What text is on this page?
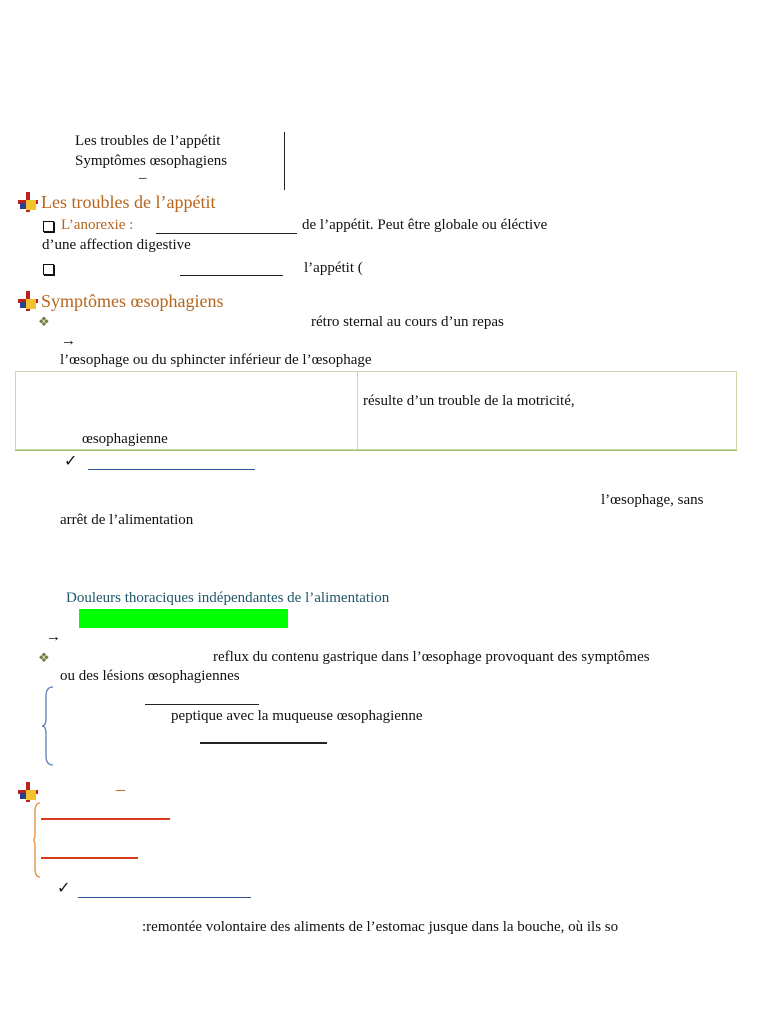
Les troubles de l’appétit
Symptômes œsophagiens
–
Les troubles de l’appétit
L’anorexie :	de l’appétit. Peut être globale ou éléctive
d’une affection digestive
l’appétit (
Symptômes œsophagiens
❖	rétro sternal au cours d’un repas
→
l’œsophage ou du sphincter inférieur de l’œsophage
résulte d’un trouble de la motricité,
œsophagienne
✓
l’œsophage, sans
arrêt de l’alimentation
Douleurs thoraciques indépendantes de l’alimentation
→
❖	reflux du contenu gastrique dans l’œsophage provoquant des symptômes
ou des lésions œsophagiennes
peptique avec la muqueuse œsophagienne
–
✓
:remontée volontaire des aliments de l’estomac jusque dans la bouche, où ils so
